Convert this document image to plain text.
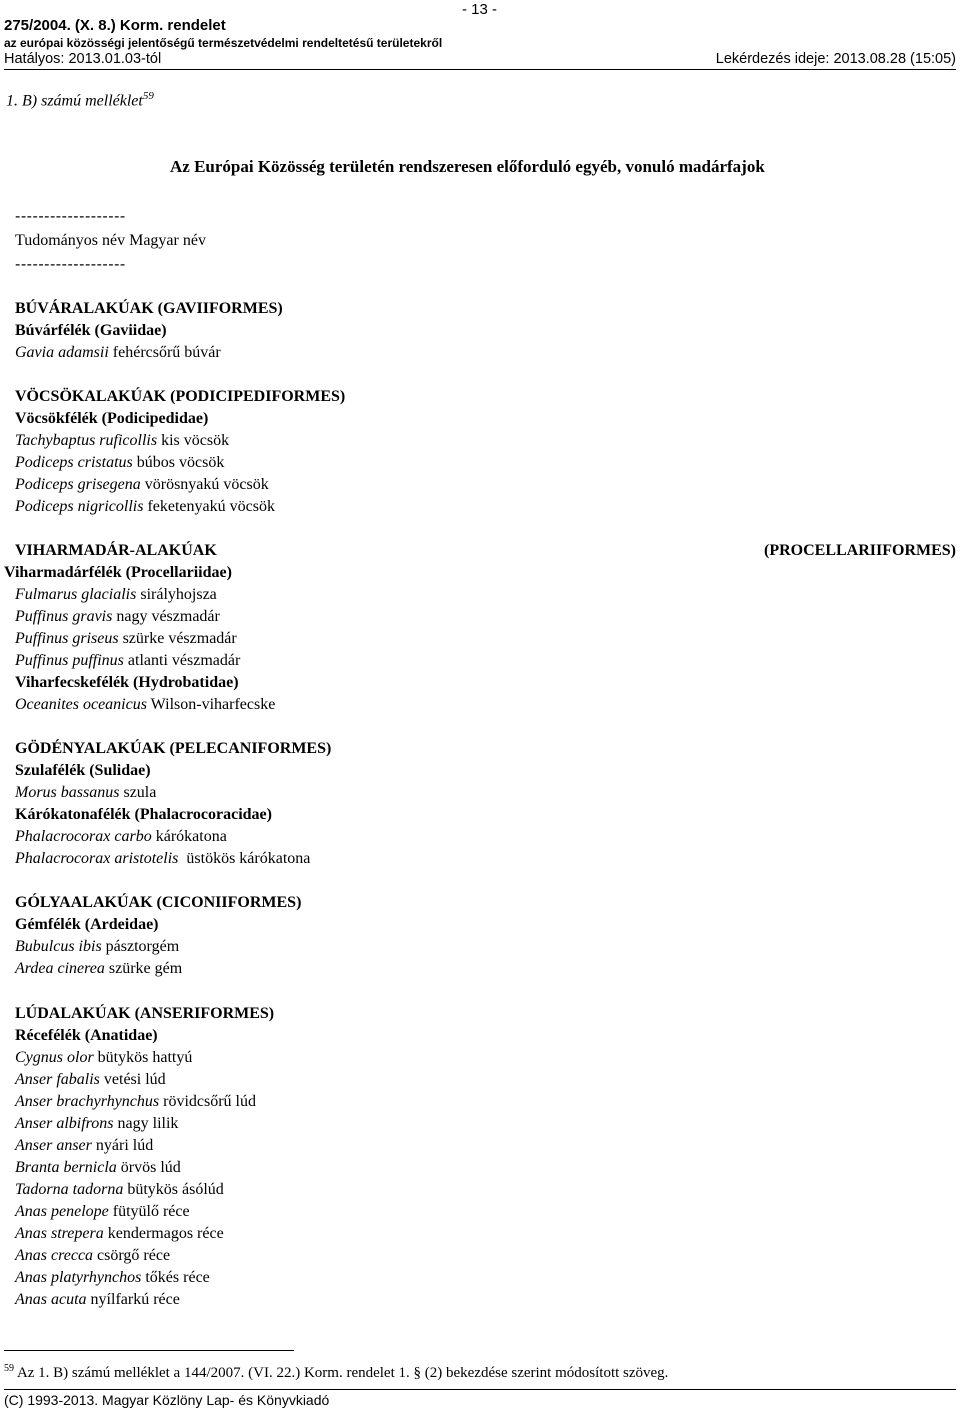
- 13 -
275/2004. (X. 8.) Korm. rendelet
az európai közösségi jelentőségű természetvédelmi rendeltetésű területekről
Hatályos: 2013.01.03-tól	Lekérdezés ideje: 2013.08.28 (15:05)
1. B) számú melléklet$^{59}$
Az Európai Közösség területén rendszeresen előforduló egyéb, vonuló madárfajok
-------------------
Tudományos név Magyar név
-------------------
BÚVÁRALAKÚAK (GAVIIFORMES)
Búvárfélék (Gaviidae)
Gavia adamsii fehércsőrű búvár
VÖCSÖKALAKÚAK (PODICIPEDIFORMES)
Vöcsökfélék (Podicipedidae)
Tachybaptus ruficollis kis vöcsök
Podiceps cristatus búbos vöcsök
Podiceps grisegena vörösnyakú vöcsök
Podiceps nigricollis feketenyakú vöcsök
VIHARMADÁR-ALAKÚAK	(PROCELLARIIFORMES)
Viharmadárfélék (Procellariidae)
Fulmarus glacialis sirályhojsza
Puffinus gravis nagy vészmadár
Puffinus griseus szürke vészmadár
Puffinus puffinus atlanti vészmadár
Viharfecskefélék (Hydrobatidae)
Oceanites oceanicus Wilson-viharfecske
GÖDÉNYALAKÚAK (PELECANIFORMES)
Szulafélék (Sulidae)
Morus bassanus szula
Kárókatonafélék (Phalacrocoracidae)
Phalacrocorax carbo kárókatona
Phalacrocorax aristotelis üstökös kárókatona
GÓLYAALAKÚAK (CICONIIFORMES)
Gémfélék (Ardeidae)
Bubulcus ibis pásztorgém
Ardea cinerea szürke gém
LÚDALAKÚAK (ANSERIFORMES)
Récefélék (Anatidae)
Cygnus olor bütykös hattyú
Anser fabalis vetési lúd
Anser brachyrhynchus rövidcsőrű lúd
Anser albifrons nagy lilik
Anser anser nyári lúd
Branta bernicla örvös lúd
Tadorna tadorna bütykös ásólúd
Anas penelope fütyülő réce
Anas strepera kendermagos réce
Anas crecca csörgő réce
Anas platyrhynchos tőkés réce
Anas acuta nyílfarkú réce
$^{59}$ Az 1. B) számú melléklet a 144/2007. (VI. 22.) Korm. rendelet 1. § (2) bekezdése szerint módosított szöveg.
(C) 1993-2013. Magyar Közlöny Lap- és Könyvkiadó
